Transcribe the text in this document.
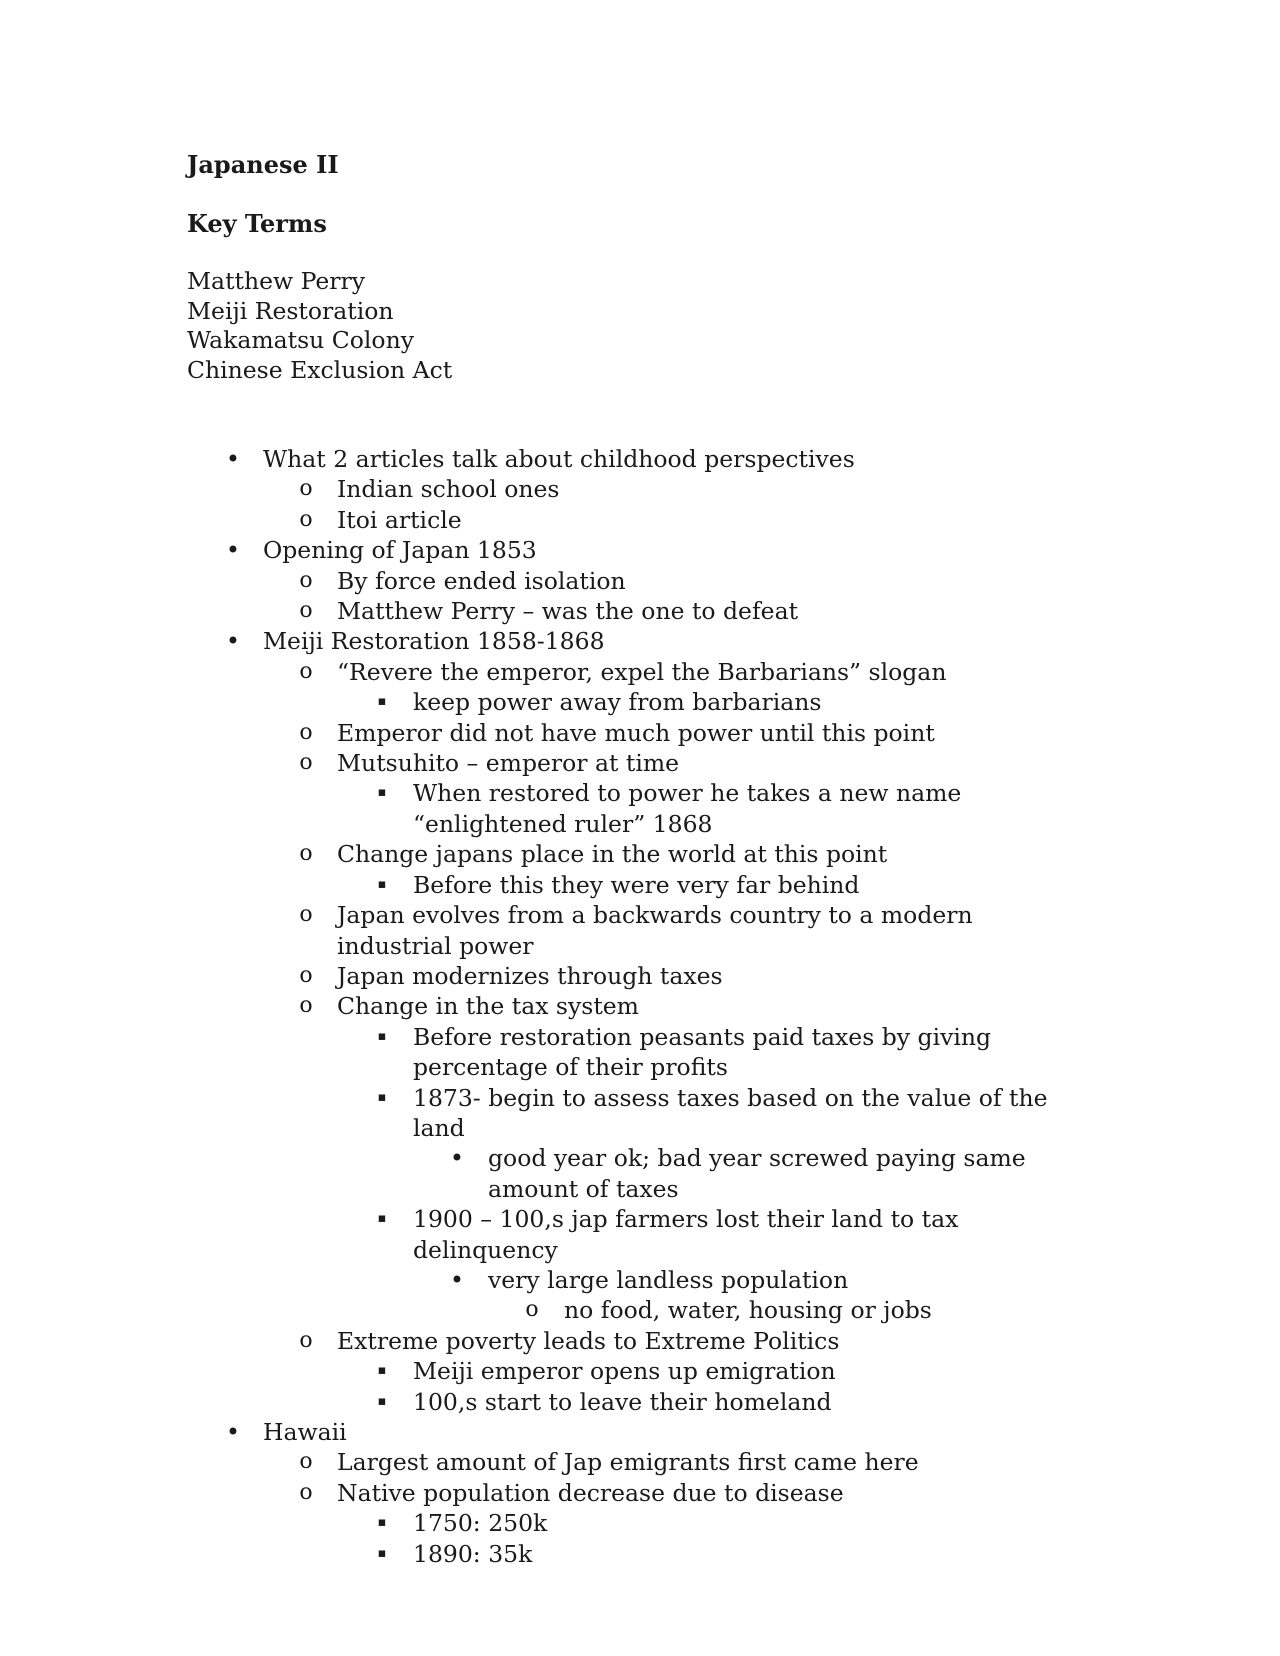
Japanese II
Key Terms
Matthew Perry
Meiji Restoration
Wakamatsu Colony
Chinese Exclusion Act
• What 2 articles talk about childhood perspectives
o Indian school ones
o Itoi article
• Opening of Japan 1853
o By force ended isolation
o Matthew Perry – was the one to defeat
• Meiji Restoration 1858-1868
o “Revere the emperor, expel the Barbarians” slogan
▪ keep power away from barbarians
o Emperor did not have much power until this point
o Mutsuhito – emperor at time
▪ When restored to power he takes a new name “enlightened ruler” 1868
o Change japans place in the world at this point
▪ Before this they were very far behind
o Japan evolves from a backwards country to a modern industrial power
o Japan modernizes through taxes
o Change in the tax system
▪ Before restoration peasants paid taxes by giving percentage of their profits
▪ 1873- begin to assess taxes based on the value of the land
• good year ok; bad year screwed paying same amount of taxes
▪ 1900 – 100,s jap farmers lost their land to tax delinquency
• very large landless population
o no food, water, housing or jobs
o Extreme poverty leads to Extreme Politics
▪ Meiji emperor opens up emigration
▪ 100,s start to leave their homeland
• Hawaii
o Largest amount of Jap emigrants first came here
o Native population decrease due to disease
▪ 1750: 250k
▪ 1890: 35k
